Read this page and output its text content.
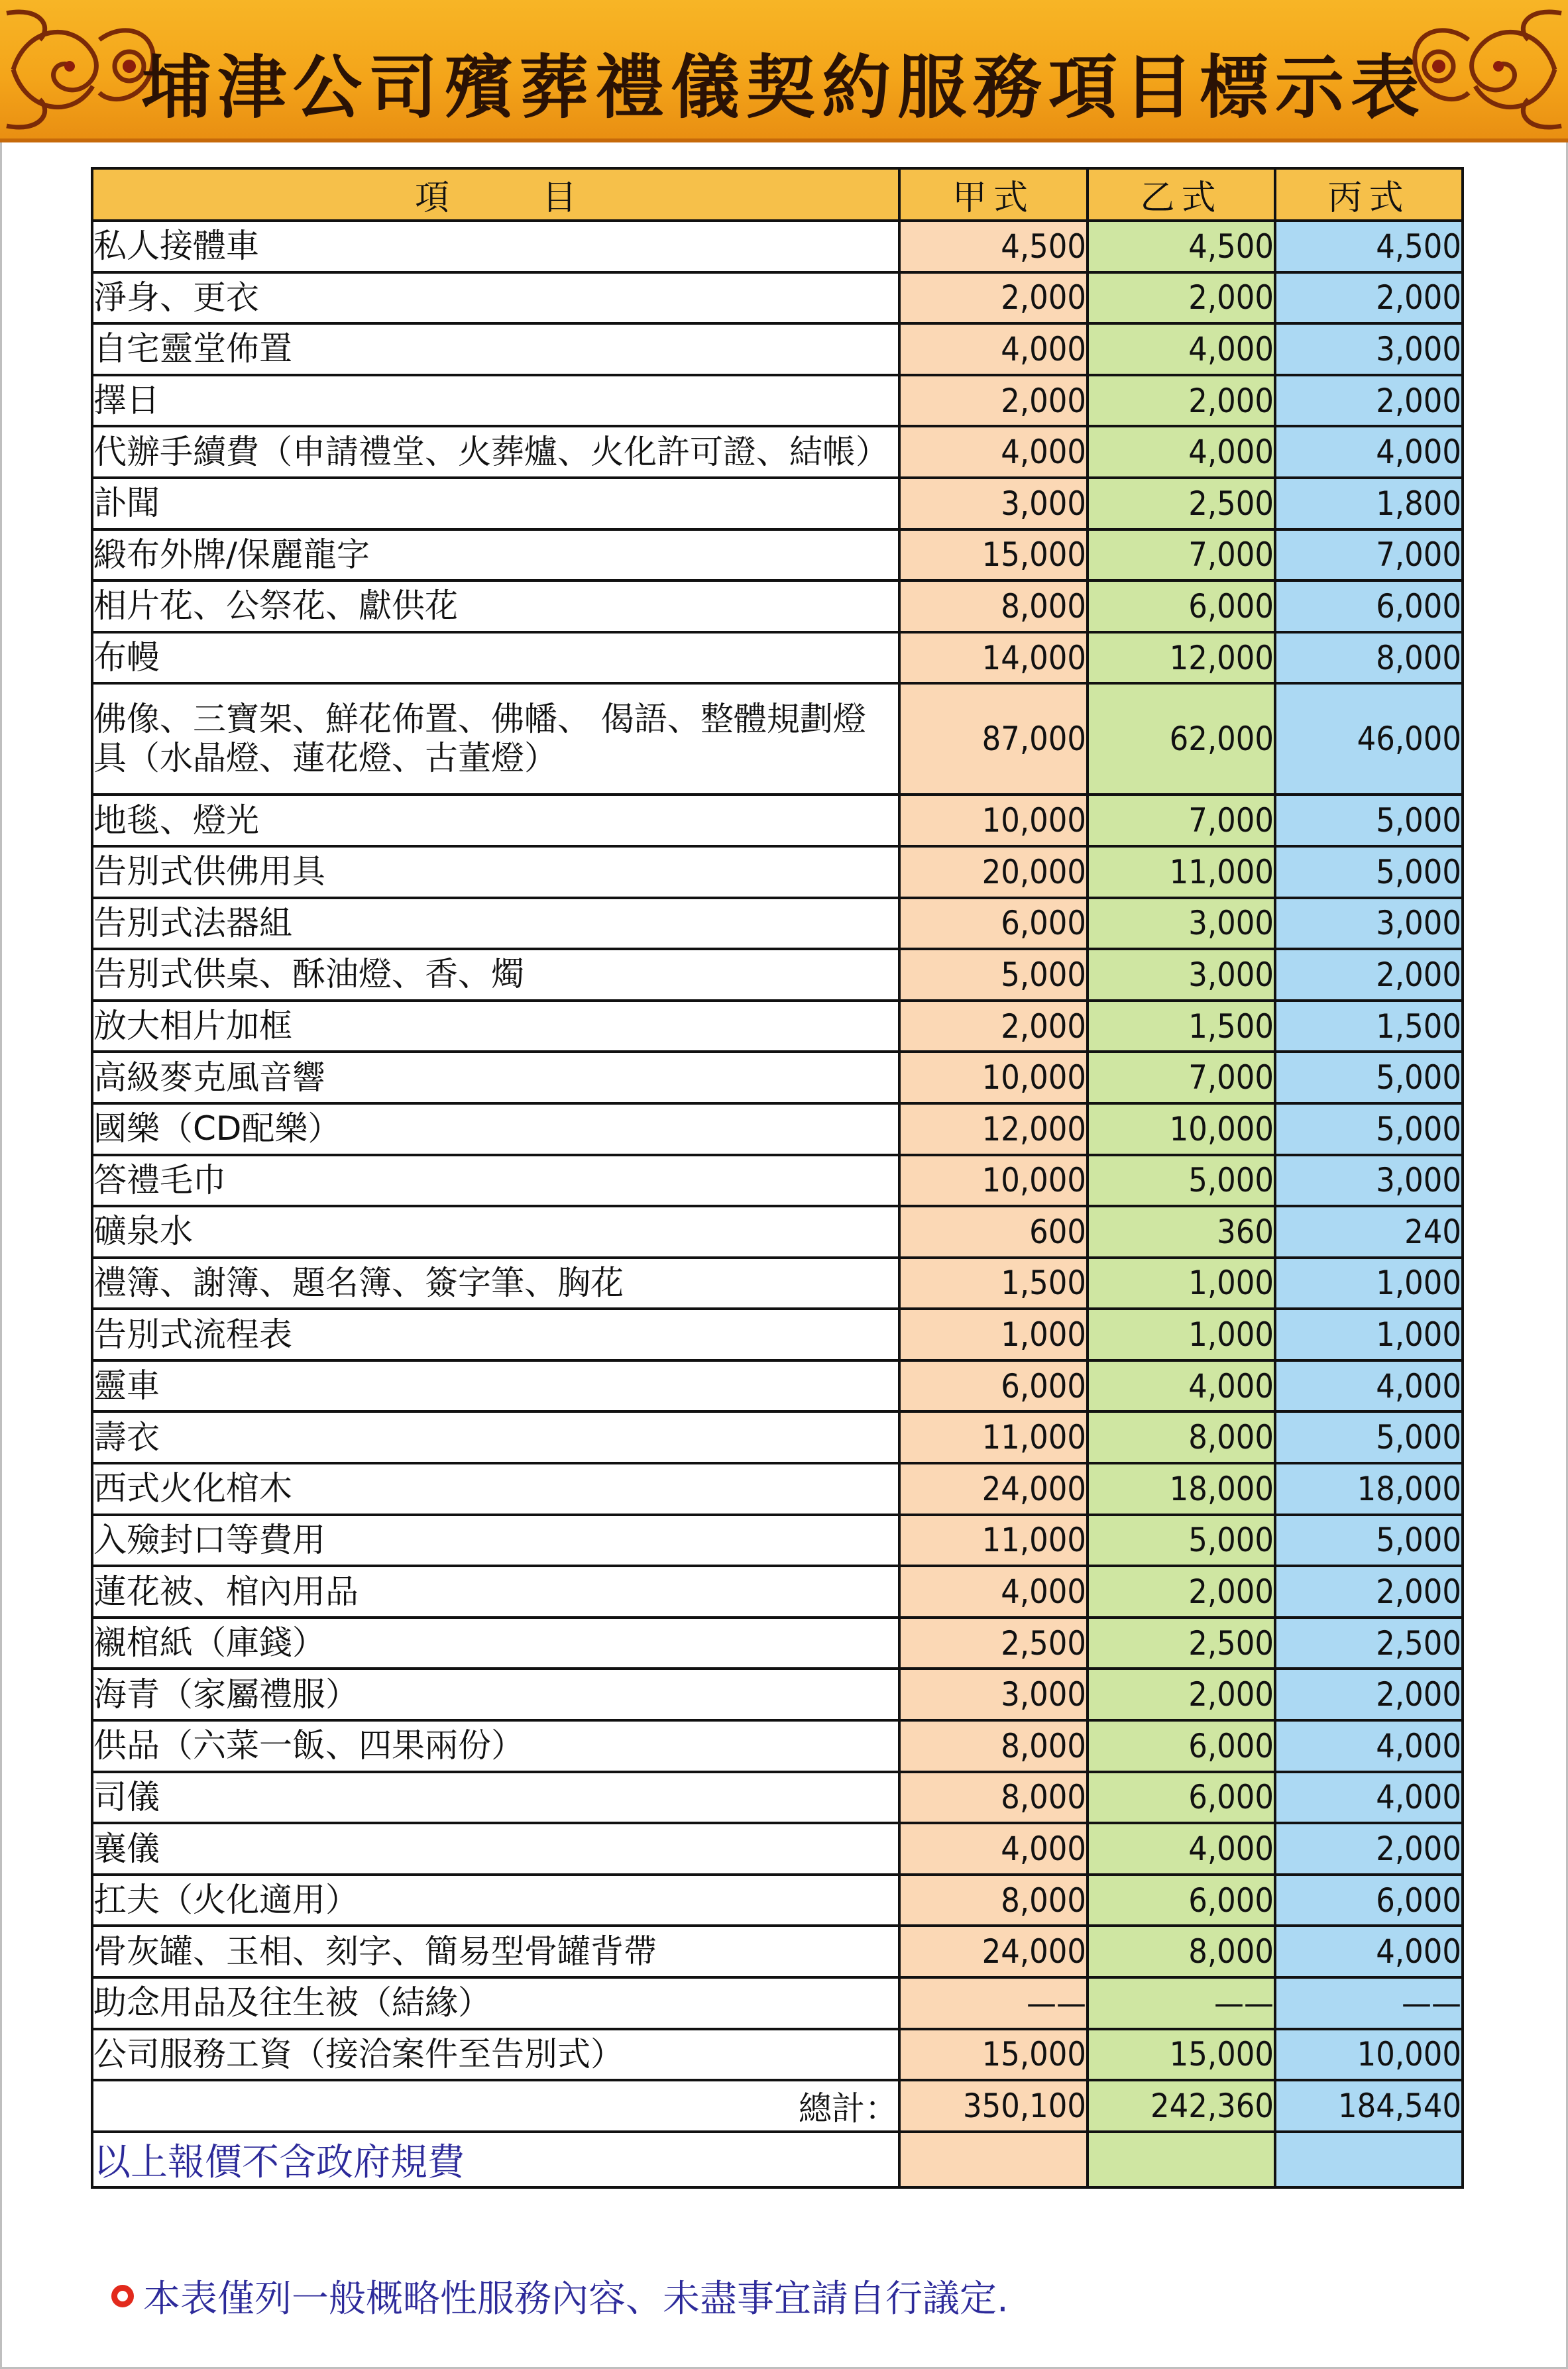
埔津公司殯葬禮儀契約服務項目標示表
項目	甲式	乙式	丙式
私人接體車	4,500	4,500	4,500
淨身、更衣	2,000	2,000	2,000
自宅靈堂佈置	4,000	4,000	3,000
擇日	2,000	2,000	2,000
代辦手續費（申請禮堂、火葬爐、火化許可證、結帳）	4,000	4,000	4,000
訃聞	3,000	2,500	1,800
緞布外牌/保麗龍字	15,000	7,000	7,000
相片花、公祭花、獻供花	8,000	6,000	6,000
布幔	14,000	12,000	8,000
佛像、三寶架、鮮花佈置、佛幡、 偈語、整體規劃燈具（水晶燈、蓮花燈、古董燈）	87,000	62,000	46,000
地毯、燈光	10,000	7,000	5,000
告別式供佛用具	20,000	11,000	5,000
告別式法器組	6,000	3,000	3,000
告別式供桌、酥油燈、香、燭	5,000	3,000	2,000
放大相片加框	2,000	1,500	1,500
高級麥克風音響	10,000	7,000	5,000
國樂（CD配樂）	12,000	10,000	5,000
答禮毛巾	10,000	5,000	3,000
礦泉水	600	360	240
禮簿、謝簿、題名簿、簽字筆、胸花	1,500	1,000	1,000
告別式流程表	1,000	1,000	1,000
靈車	6,000	4,000	4,000
壽衣	11,000	8,000	5,000
西式火化棺木	24,000	18,000	18,000
入殮封口等費用	11,000	5,000	5,000
蓮花被、棺內用品	4,000	2,000	2,000
襯棺紙（庫錢）	2,500	2,500	2,500
海青（家屬禮服）	3,000	2,000	2,000
供品（六菜一飯、四果兩份）	8,000	6,000	4,000
司儀	8,000	6,000	4,000
襄儀	4,000	4,000	2,000
扛夫（火化適用）	8,000	6,000	6,000
骨灰罐、玉相、刻字、簡易型骨罐背帶	24,000	8,000	4,000
助念用品及往生被（結緣）	——	——	——
公司服務工資（接洽案件至告別式）	15,000	15,000	10,000
總計：	350,100	242,360	184,540
以上報價不含政府規費			
本表僅列一般概略性服務內容、未盡事宜請自行議定.
